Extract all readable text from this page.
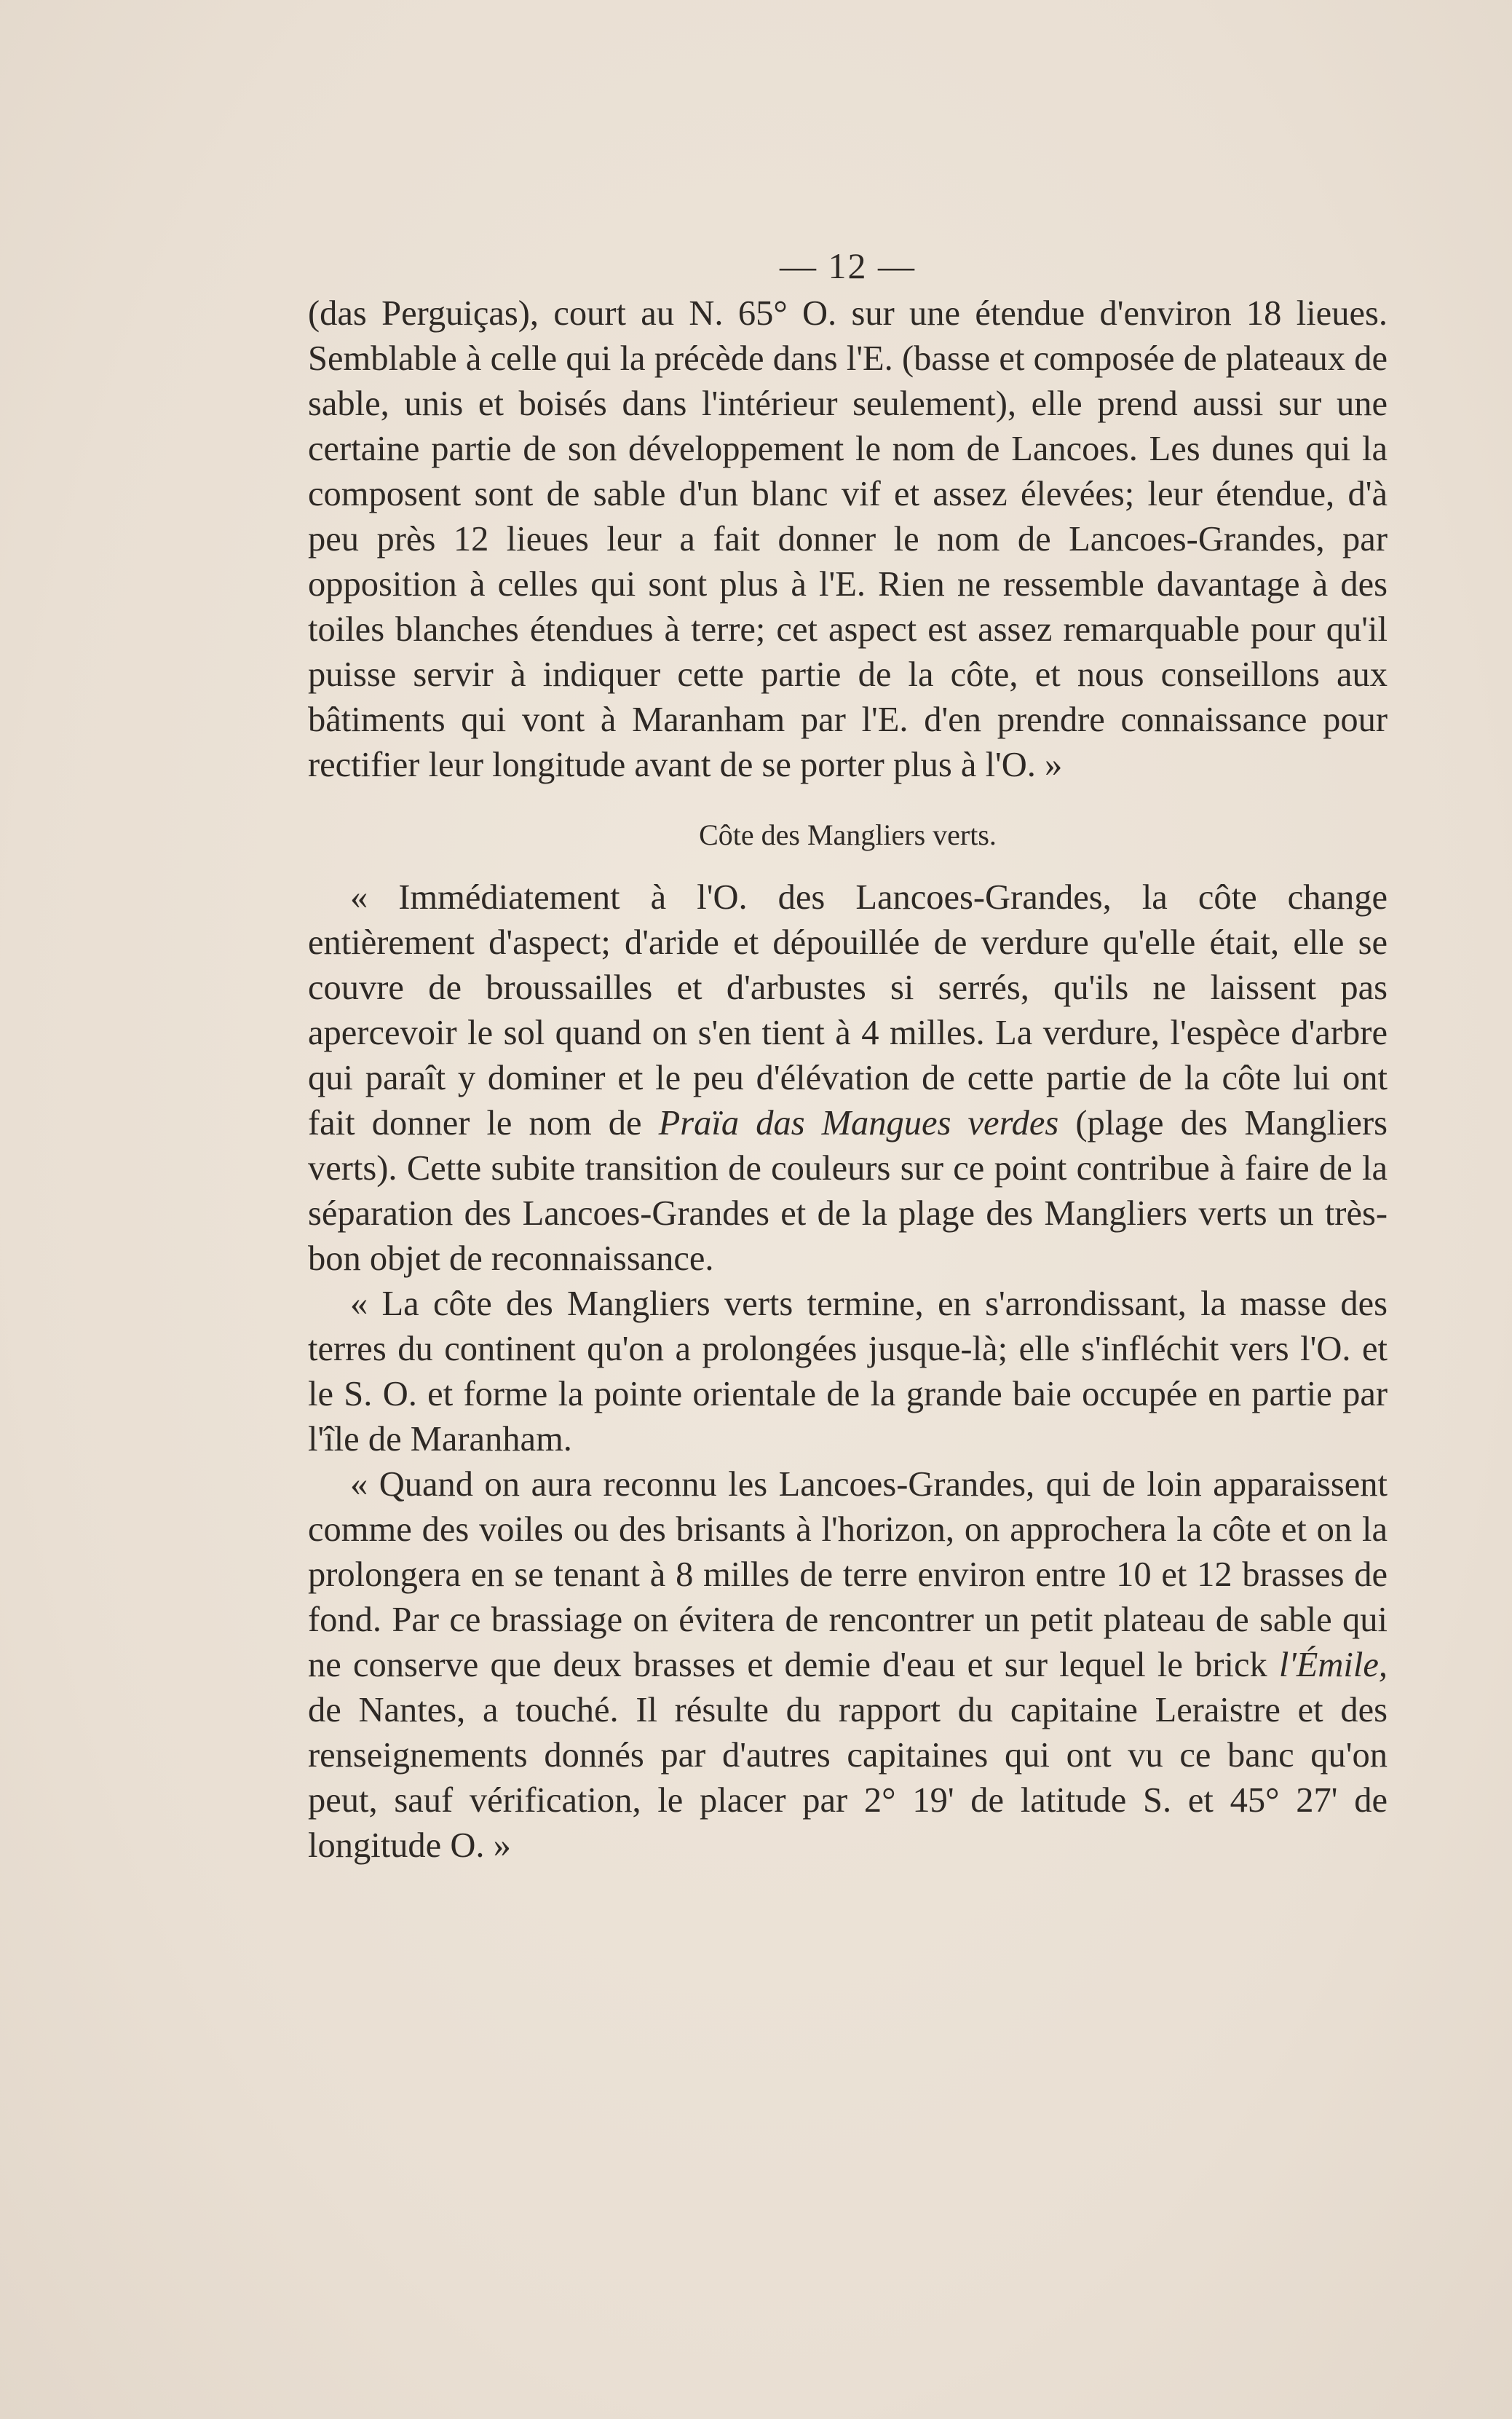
— 12 —

(das Perguiças), court au N. 65° O. sur une étendue d'environ 18 lieues. Semblable à celle qui la précède dans l'E. (basse et composée de plateaux de sable, unis et boisés dans l'intérieur seulement), elle prend aussi sur une certaine partie de son développement le nom de Lancoes. Les dunes qui la composent sont de sable d'un blanc vif et assez élevées; leur étendue, d'à peu près 12 lieues leur a fait donner le nom de Lancoes-Grandes, par opposition à celles qui sont plus à l'E. Rien ne ressemble davantage à des toiles blanches étendues à terre; cet aspect est assez remarquable pour qu'il puisse servir à indiquer cette partie de la côte, et nous conseillons aux bâtiments qui vont à Maranham par l'E. d'en prendre connaissance pour rectifier leur longitude avant de se porter plus à l'O. »

Côte des Mangliers verts.

« Immédiatement à l'O. des Lancoes-Grandes, la côte change entièrement d'aspect; d'aride et dépouillée de verdure qu'elle était, elle se couvre de broussailles et d'arbustes si serrés, qu'ils ne laissent pas apercevoir le sol quand on s'en tient à 4 milles. La verdure, l'espèce d'arbre qui paraît y dominer et le peu d'élévation de cette partie de la côte lui ont fait donner le nom de Praïa das Mangues verdes (plage des Mangliers verts). Cette subite transition de couleurs sur ce point contribue à faire de la séparation des Lancoes-Grandes et de la plage des Mangliers verts un très-bon objet de reconnaissance.

« La côte des Mangliers verts termine, en s'arrondissant, la masse des terres du continent qu'on a prolongées jusque-là; elle s'infléchit vers l'O. et le S. O. et forme la pointe orientale de la grande baie occupée en partie par l'île de Maranham.

« Quand on aura reconnu les Lancoes-Grandes, qui de loin apparaissent comme des voiles ou des brisants à l'horizon, on approchera la côte et on la prolongera en se tenant à 8 milles de terre environ entre 10 et 12 brasses de fond. Par ce brassiage on évitera de rencontrer un petit plateau de sable qui ne conserve que deux brasses et demie d'eau et sur lequel le brick l'Émile, de Nantes, a touché. Il résulte du rapport du capitaine Leraistre et des renseignements donnés par d'autres capitaines qui ont vu ce banc qu'on peut, sauf vérification, le placer par 2° 19' de latitude S. et 45° 27' de longitude O. »
